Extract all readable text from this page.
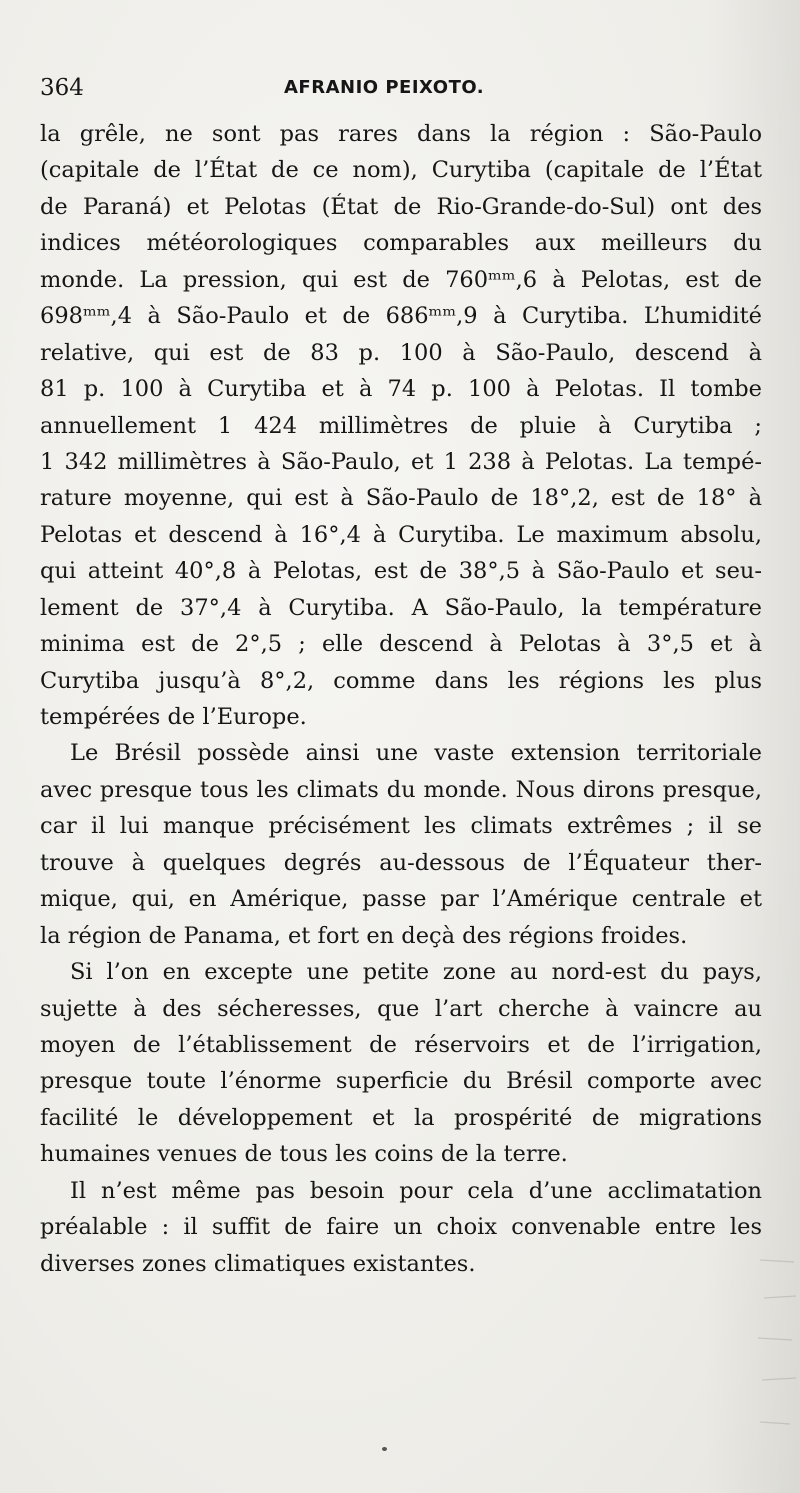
364	AFRANIO PEIXOTO.
la grêle, ne sont pas rares dans la région : São-Paulo
(capitale de l’État de ce nom), Curytiba (capitale de l’État
de Paraná) et Pelotas (État de Rio-Grande-do-Sul) ont des
indices météorologiques comparables aux meilleurs du
monde. La pression, qui est de 760ᵐᵐ,6 à Pelotas, est de
698ᵐᵐ,4 à São-Paulo et de 686ᵐᵐ,9 à Curytiba. L’humidité
relative, qui est de 83 p. 100 à São-Paulo, descend à
81 p. 100 à Curytiba et à 74 p. 100 à Pelotas. Il tombe
annuellement 1 424 millimètres de pluie à Curytiba ;
1 342 millimètres à São-Paulo, et 1 238 à Pelotas. La tempé-
rature moyenne, qui est à São-Paulo de 18°,2, est de 18° à
Pelotas et descend à 16°,4 à Curytiba. Le maximum absolu,
qui atteint 40°,8 à Pelotas, est de 38°,5 à São-Paulo et seu-
lement de 37°,4 à Curytiba. A São-Paulo, la température
minima est de 2°,5 ; elle descend à Pelotas à 3°,5 et à
Curytiba jusqu’à 8°,2, comme dans les régions les plus
tempérées de l’Europe.
Le Brésil possède ainsi une vaste extension territoriale
avec presque tous les climats du monde. Nous dirons presque,
car il lui manque précisément les climats extrêmes ; il se
trouve à quelques degrés au-dessous de l’Équateur ther-
mique, qui, en Amérique, passe par l’Amérique centrale et
la région de Panama, et fort en deçà des régions froides.
Si l’on en excepte une petite zone au nord-est du pays,
sujette à des sécheresses, que l’art cherche à vaincre au
moyen de l’établissement de réservoirs et de l’irrigation,
presque toute l’énorme superficie du Brésil comporte avec
facilité le développement et la prospérité de migrations
humaines venues de tous les coins de la terre.
Il n’est même pas besoin pour cela d’une acclimatation
préalable : il suffit de faire un choix convenable entre les
diverses zones climatiques existantes.
